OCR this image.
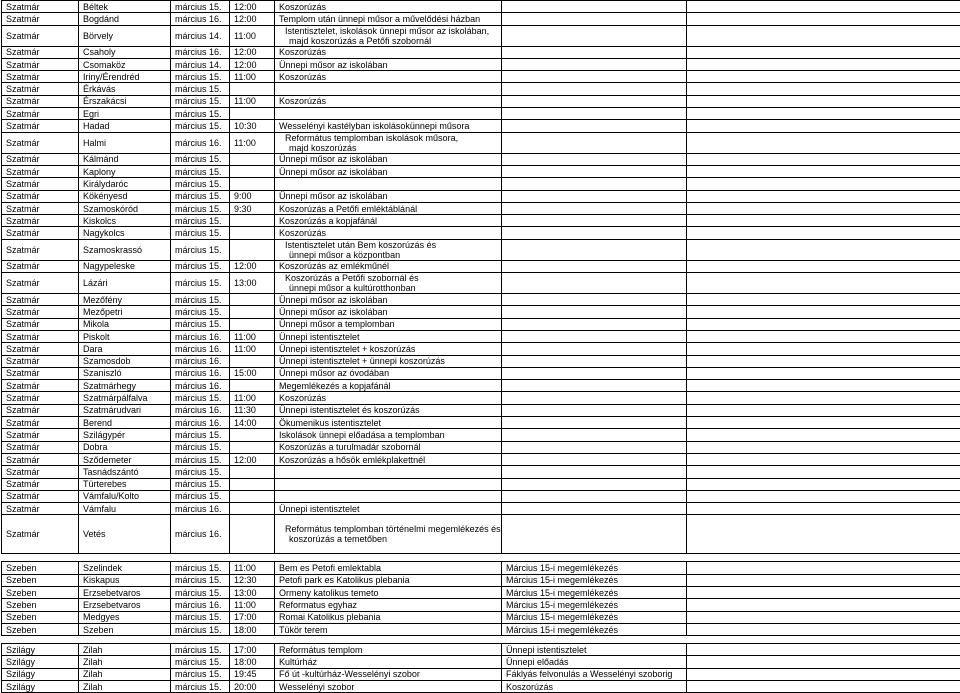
Szatmár	Béltek	március 15.	12:00	Koszorúzás		
Szatmár	Bogdánd	március 16.	12:00	Templom után ünnepi műsor a művelődési házban		
Szatmár	Börvely	március 14.	11:00	Istentisztelet, iskolások ünnepi műsor az iskolában,
majd koszorúzás a Petőfi szobornál		

Szatmár	Csaholy	március 16.	12:00	Koszorúzás		
Szatmár	Csomaköz	március 14.	12:00	Ünnepi műsor az iskolában		
Szatmár	Iriny/Érendréd	március 15.	11:00	Koszorúzás		
Szatmár	Érkávás	március 15.				
Szatmár	Érszakácsi	március 15.	11:00	Koszorúzás		
Szatmár	Egri	március 15.				
Szatmár	Hadad	március 15.	10:30	Wesselényi kastélyban iskolásokünnepi műsora		
Szatmár	Halmi	március 16.	11:00	Református templomban iskolások műsora,
majd koszorúzás		

Szatmár	Kálmánd	március 15.		Ünnepi műsor az iskolában		
Szatmár	Kaplony	március 15.		Ünnepi műsor az iskolában		
Szatmár	Királydaróc	március 15.				
Szatmár	Kökényesd	március 15.	9:00	Ünnepi műsor az iskolában		
Szatmár	Szamoskóród	március 15.	9:30	Koszorúzás a Petőfi emléktáblánál		
Szatmár	Kiskolcs	március 15.		Koszorúzás a kopjafánál		
Szatmár	Nagykolcs	március 15.		Koszorúzás		
Szatmár	Szamoskrassó	március 15.		Istentisztelet után Bem koszorúzás és
ünnepi műsor a központban		

Szatmár	Nagypeleske	március 15.	12:00	Koszorúzás az emlékműnél		
Szatmár	Lázári	március 15.	13:00	Koszorúzás a Petőfi szobornál és
ünnepi műsor a kultúrotthonban		

Szatmár	Mezőfény	március 15.		Ünnepi műsor az iskolában		
Szatmár	Mezőpetri	március 15.		Ünnepi műsor az iskolában		
Szatmár	Mikola	március 15.		Ünnepi műsor a templomban		
Szatmár	Piskolt	március 16.	11:00	Ünnepi istentisztelet		
Szatmár	Dara	március 16.	11:00	Ünnepi istentisztelet + koszorúzás		
Szatmár	Szamosdob	március 16.		Ünnepi istentisztelet + ünnepi koszorúzás		
Szatmár	Szaniszló	március 16.	15:00	Ünnepi műsor az óvodában		
Szatmár	Szatmárhegy	március 16.		Megemlékezés a kopjafánál		
Szatmár	Szatmárpálfalva	március 15.	11:00	Koszorúzás		
Szatmár	Szatmárudvari	március 16.	11:30	Ünnepi istentisztelet és koszorúzás		
Szatmár	Berend	március 16.	14:00	Ökumenikus istentisztelet		
Szatmár	Szilágypér	március 15.		Iskolások ünnepi előadása a templomban		
Szatmár	Dobra	március 15.		Koszorúzás a turulmadár szobornál		
Szatmár	Sződemeter	március 15.	12:00	Koszorúzás a hősök emlékplakettnél		
Szatmár	Tasnádszántó	március 15.				
Szatmár	Türterebes	március 15.				
Szatmár	Vámfalu/Kolto	március 15.				
Szatmár	Vámfalu	március 16.		Ünnepi istentisztelet		
Szatmár	Vetés	március 16.		Református templomban történelmi megemlékezés és
koszorúzás a temetőben		

Szeben	Szelindek	március 15.	11:00	Bem es Petofi emlektabla	Március 15-i megemlékezés	
Szeben	Kiskapus	március 15.	12:30	Petofi park es Katolikus plebania	Március 15-i megemlékezés	
Szeben	Erzsebetvaros	március 15.	13:00	Ormeny katolikus temeto	Március 15-i megemlékezés	
Szeben	Erzsebetvaros	március 16.	11:00	Reformatus egyhaz	Március 15-i megemlékezés	
Szeben	Medgyes	március 15.	17:00	Romai Katolikus plebania	Március 15-i megemlékezés	
Szeben	Szeben	március 15.	18:00	Tükör terem	Március 15-i megemlékezés	

Szilágy	Zilah	március 15.	17:00	Református templom	Ünnepi istentisztelet	
Szilágy	Zilah	március 15.	18:00	Kultúrház	Ünnepi előadás	
Szilágy	Zilah	március 15.	19:45	Fő út -kultúrház-Wesselényi szobor	Fáklyás felvonulás a Wesselényi szoborig	
Szilágy	Zilah	március 15.	20:00	Wesselényi szobor	Koszorúzás	
